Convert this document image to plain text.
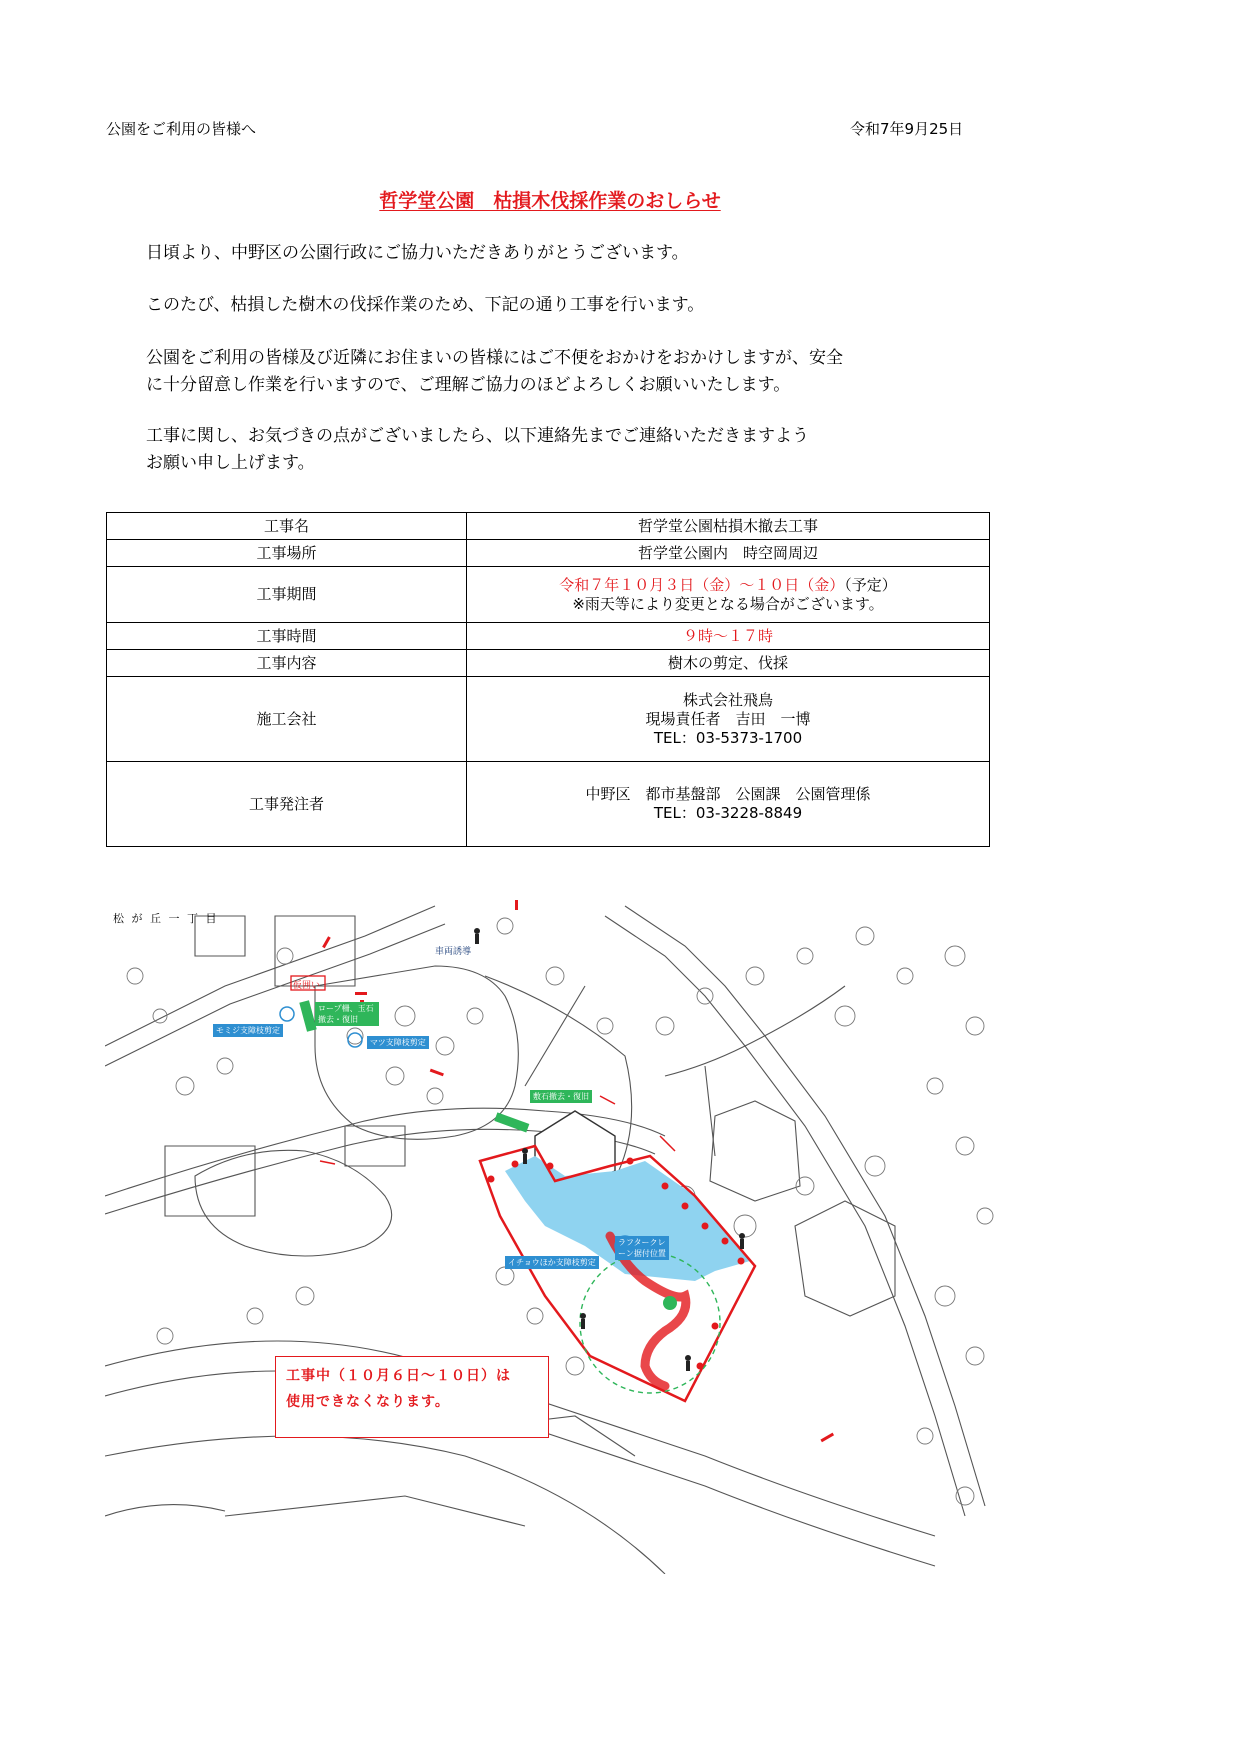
公園をご利用の皆様へ	令和7年9月25日
哲学堂公園　枯損木伐採作業のおしらせ
日頃より、中野区の公園行政にご協力いただきありがとうございます。
このたび、枯損した樹木の伐採作業のため、下記の通り工事を行います。
公園をご利用の皆様及び近隣にお住まいの皆様にはご不便をおかけをおかけしますが、安全
に十分留意し作業を行いますので、ご理解ご協力のほどよろしくお願いいたします。
工事に関し、お気づきの点がございましたら、以下連絡先までご連絡いただきますよう
お願い申し上げます。
工事名	哲学堂公園枯損木撤去工事
工事場所	哲学堂公園内　時空岡周辺
工事期間	令和７年１０月３日（金）～１０日（金）（予定）
※雨天等により変更となる場合がございます。

工事時間	９時～１７時
工事内容	樹木の剪定、伐採
施工会社	株式会社飛鳥
現場責任者　吉田　一博
TEL：03-5373-1700

工事発注者	中野区　都市基盤部　公園課　公園管理係
TEL：03-3228-8849
松 が 丘 一 丁 目
車両誘導
仮囲い
ロープ柵、玉石撤去・復旧
モミジ支障枝剪定
マツ支障枝剪定
敷石撤去・復旧
ラフタークレーン据付位置
イチョウほか支障枝剪定
工事中（１０月６日～１０日）は
使用できなくなります。
